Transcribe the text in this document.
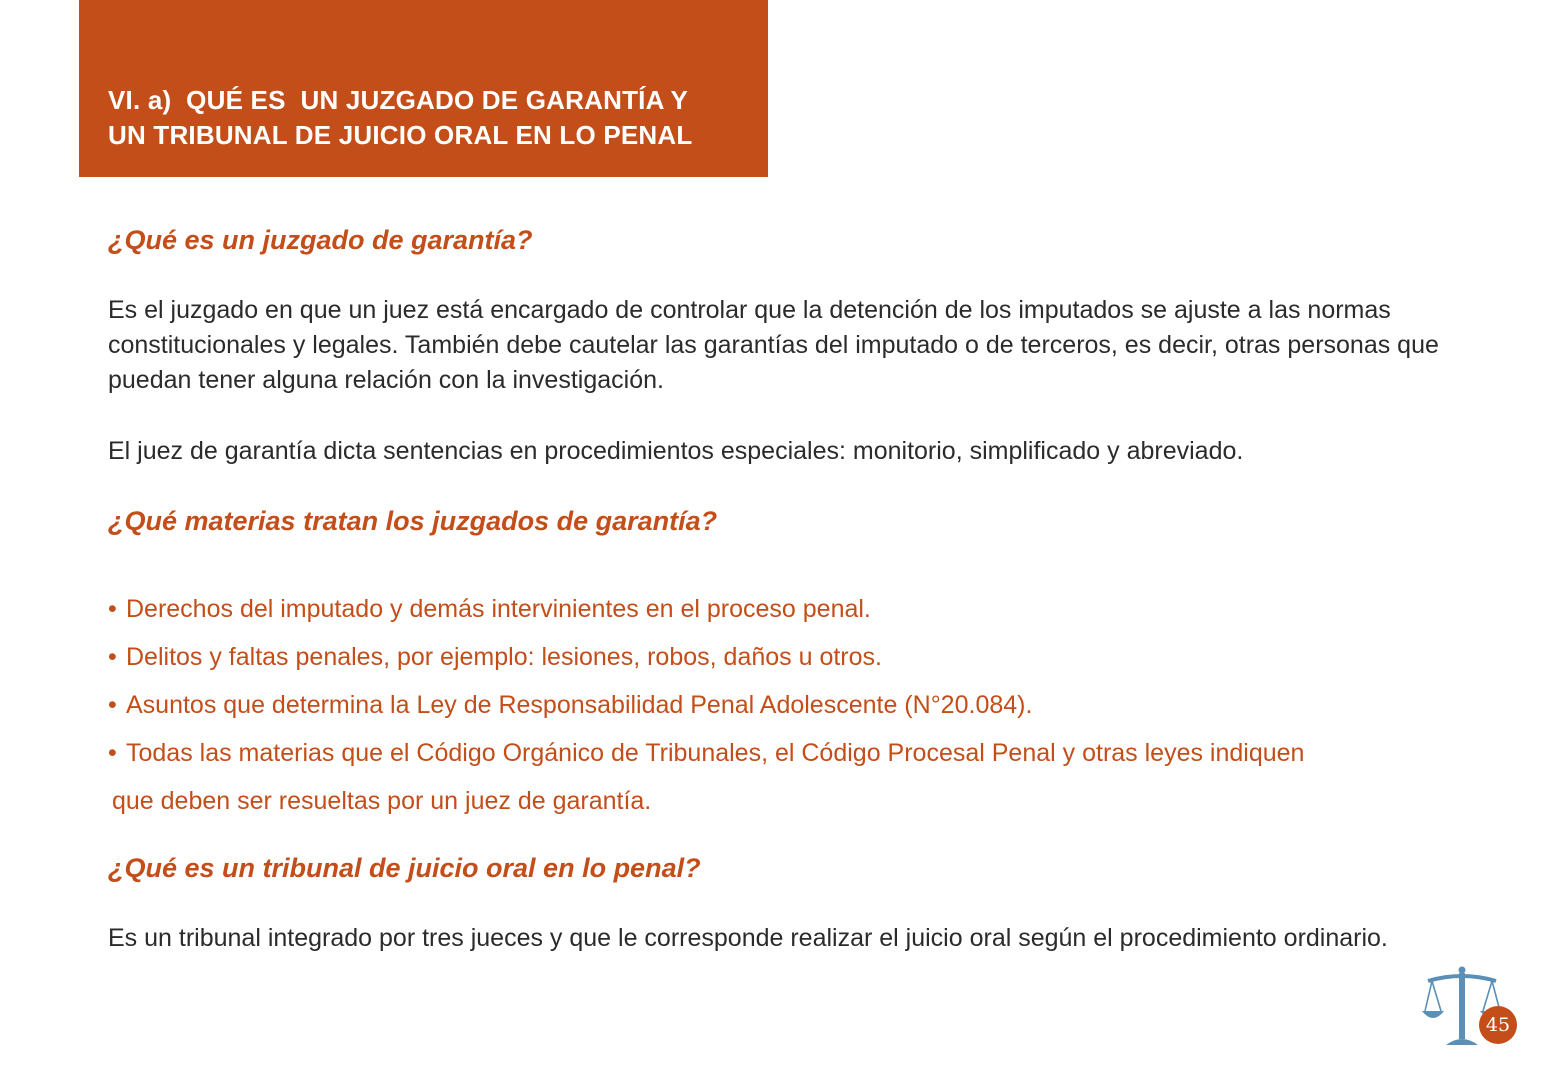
VI. a)  QUÉ ES  UN JUZGADO DE GARANTÍA Y
UN TRIBUNAL DE JUICIO ORAL EN LO PENAL

¿Qué es un juzgado de garantía?

Es el juzgado en que un juez está encargado de controlar que la detención de los imputados se ajuste a las normas constitucionales y legales. También debe cautelar las garantías del imputado o de terceros, es decir, otras personas que puedan tener alguna relación con la investigación.

El juez de garantía dicta sentencias en procedimientos especiales: monitorio, simplificado y abreviado.

¿Qué materias tratan los juzgados de garantía?
• Derechos del imputado y demás intervinientes en el proceso penal.
• Delitos y faltas penales, por ejemplo: lesiones, robos, daños u otros.
• Asuntos que determina la Ley de Responsabilidad Penal Adolescente (N°20.084).
• Todas las materias que el Código Orgánico de Tribunales, el Código Procesal Penal y otras leyes indiquen
que deben ser resueltas por un juez de garantía.
¿Qué es un tribunal de juicio oral en lo penal?

Es un tribunal integrado por tres jueces y que le corresponde realizar el juicio oral según el procedimiento ordinario.

45
